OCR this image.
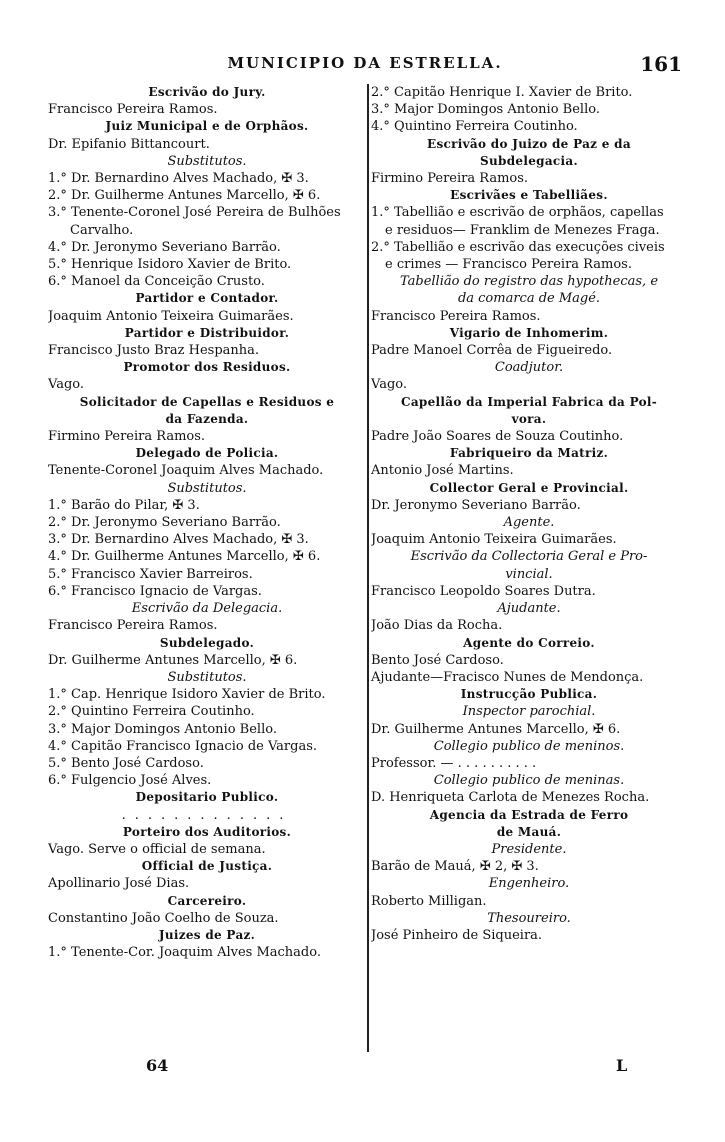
MUNICIPIO DA ESTRELLA.	161
Escrivão do Jury.
Francisco Pereira Ramos.
Juiz Municipal e de Orphãos.
Dr. Epifanio Bittancourt.
Substitutos.
1.° Dr. Bernardino Alves Machado, ✠ 3.
2.° Dr. Guilherme Antunes Marcello, ✠ 6.
3.° Tenente-Coronel José Pereira de Bulhões
Carvalho.
4.° Dr. Jeronymo Severiano Barrão.
5.° Henrique Isidoro Xavier de Brito.
6.° Manoel da Conceição Crusto.
Partidor e Contador.
Joaquim Antonio Teixeira Guimarães.
Partidor e Distribuidor.
Francisco Justo Braz Hespanha.
Promotor dos Residuos.
Vago.
Solicitador de Capellas e Residuos e
da Fazenda.
Firmino Pereira Ramos.
Delegado de Policia.
Tenente-Coronel Joaquim Alves Machado.
Substitutos.
1.° Barão do Pilar, ✠ 3.
2.° Dr. Jeronymo Severiano Barrão.
3.° Dr. Bernardino Alves Machado, ✠ 3.
4.° Dr. Guilherme Antunes Marcello, ✠ 6.
5.° Francisco Xavier Barreiros.
6.° Francisco Ignacio de Vargas.
Escrivão da Delegacia.
Francisco Pereira Ramos.
Subdelegado.
Dr. Guilherme Antunes Marcello, ✠ 6.
Substitutos.
1.° Cap. Henrique Isidoro Xavier de Brito.
2.° Quintino Ferreira Coutinho.
3.° Major Domingos Antonio Bello.
4.° Capitão Francisco Ignacio de Vargas.
5.° Bento José Cardoso.
6.° Fulgencio José Alves.
Depositario Publico.
.............
Porteiro dos Auditorios.
Vago. Serve o official de semana.
Official de Justiça.
Apollinario José Dias.
Carcereiro.
Constantino João Coelho de Souza.
Juizes de Paz.
1.° Tenente-Cor. Joaquim Alves Machado.
2.° Capitão Henrique I. Xavier de Brito.
3.° Major Domingos Antonio Bello.
4.° Quintino Ferreira Coutinho.
Escrivão do Juizo de Paz e da
Subdelegacia.
Firmino Pereira Ramos.
Escrivães e Tabelliães.
1.° Tabellião e escrivão de orphãos, capellas
e residuos— Franklim de Menezes Fraga.
2.° Tabellião e escrivão das execuções civeis
e crimes — Francisco Pereira Ramos.
Tabellião do registro das hypothecas, e
da comarca de Magé.
Francisco Pereira Ramos.
Vigario de Inhomerim.
Padre Manoel Corrêa de Figueiredo.
Coadjutor.
Vago.
Capellão da Imperial Fabrica da Pol-
vora.
Padre João Soares de Souza Coutinho.
Fabriqueiro da Matriz.
Antonio José Martins.
Collector Geral e Provincial.
Dr. Jeronymo Severiano Barrão.
Agente.
Joaquim Antonio Teixeira Guimarães.
Escrivão da Collectoria Geral e Pro-
vincial.
Francisco Leopoldo Soares Dutra.
Ajudante.
João Dias da Rocha.
Agente do Correio.
Bento José Cardoso.
Ajudante—Fracisco Nunes de Mendonça.
Instrucção Publica.
Inspector parochial.
Dr. Guilherme Antunes Marcello, ✠ 6.
Collegio publico de meninos.
Professor. — . . . . . . . . . .
Collegio publico de meninas.
D. Henriqueta Carlota de Menezes Rocha.
Agencia da Estrada de Ferro
de Mauá.
Presidente.
Barão de Mauá, ✠ 2, ✠ 3.
Engenheiro.
Roberto Milligan.
Thesoureiro.
José Pinheiro de Siqueira.
64	L
